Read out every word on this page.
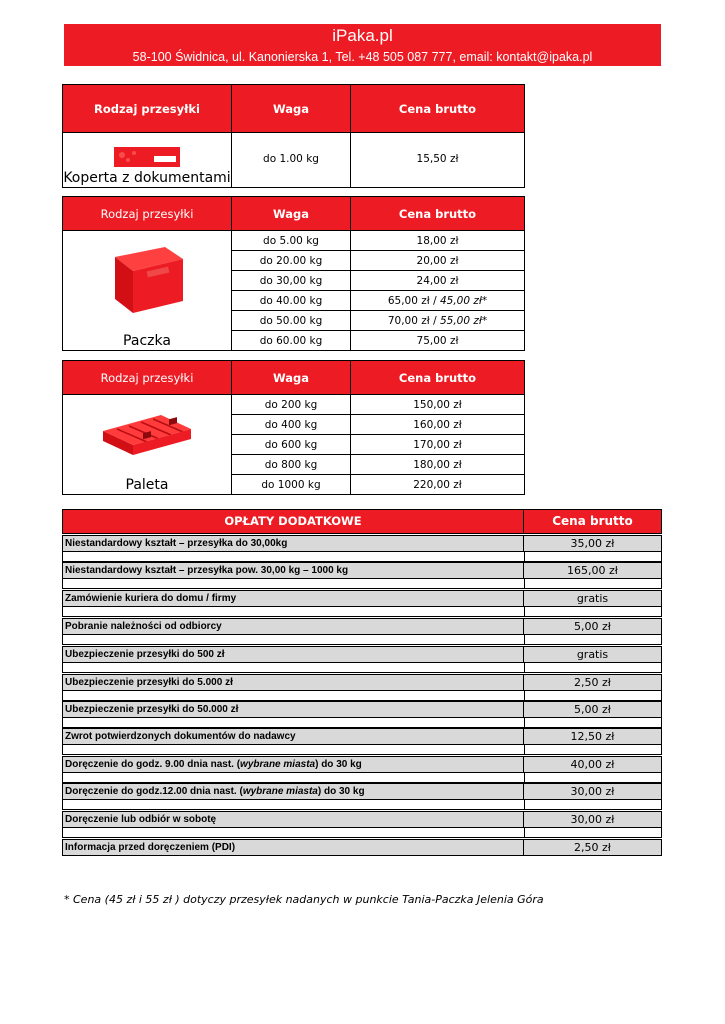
iPaka.pl
58-100 Świdnica, ul. Kanonierska 1, Tel. +48 505 087 777, email: kontakt@ipaka.pl
Rodzaj przesyłki	Waga	Cena brutto

Koperta z dokumentami	do 1.00 kg	15,50 zł
Rodzaj przesyłki	Waga	Cena brutto

Paczka	do 5.00 kg	18,00 zł
	do 20.00 kg	20,00 zł
	do 30,00 kg	24,00 zł
	do 40.00 kg	65,00 zł / 45,00 zł*
	do 50.00 kg	70,00 zł / 55,00 zł*
	do 60.00 kg	75,00 zł
Rodzaj przesyłki	Waga	Cena brutto

Paleta	do 200 kg	150,00 zł
	do 400 kg	160,00 zł
	do 600 kg	170,00 zł
	do 800 kg	180,00 zł
	do 1000 kg	220,00 zł
OPŁATY DODATKOWE	Cena brutto
Niestandardowy kształt – przesyłka do 30,00kg	35,00 zł
Niestandardowy kształt – przesyłka pow. 30,00 kg – 1000 kg	165,00 zł
Zamówienie kuriera do domu / firmy	gratis
Pobranie należności od odbiorcy	5,00 zł
Ubezpieczenie przesyłki do 500 zł	gratis
Ubezpieczenie przesyłki do 5.000 zł	2,50 zł
Ubezpieczenie przesyłki do 50.000 zł	5,00 zł
Zwrot potwierdzonych dokumentów do nadawcy	12,50 zł
Doręczenie do godz. 9.00 dnia nast. (wybrane miasta) do 30 kg	40,00 zł
Doręczenie do godz.12.00 dnia nast. (wybrane miasta) do 30 kg	30,00 zł
Doręczenie lub odbiór w sobotę	30,00 zł
Informacja przed doręczeniem (PDI)	2,50 zł
* Cena (45 zł i 55 zł ) dotyczy przesyłek nadanych w punkcie Tania-Paczka Jelenia Góra
